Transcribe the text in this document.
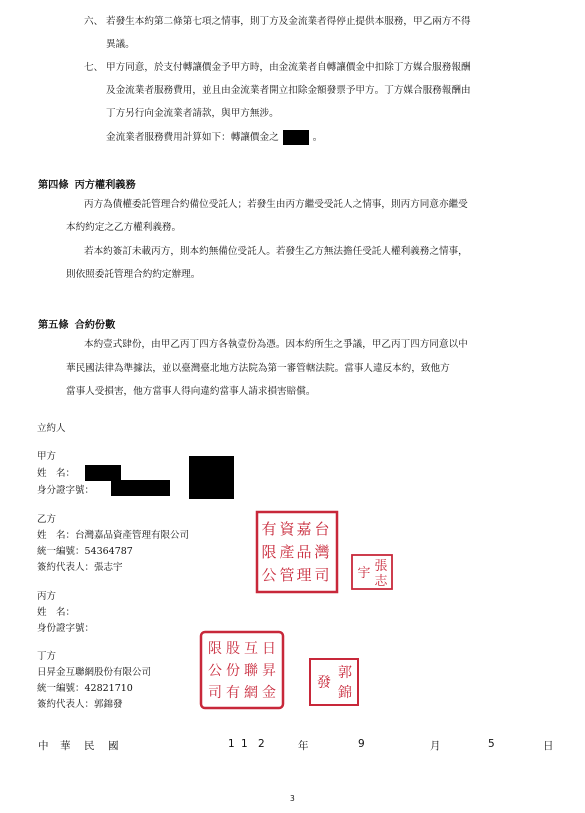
六、 若發生本約第二條第七項之情事，則丁方及金流業者得停止提供本服務，甲乙兩方不得
異議。
七、 甲方同意，於支付轉讓價金予甲方時，由金流業者自轉讓價金中扣除丁方媒合服務報酬
及金流業者服務費用，並且由金流業者開立扣除金額發票予甲方。丁方媒合服務報酬由
丁方另行向金流業者請款，與甲方無涉。
金流業者服務費用計算如下：轉讓價金之	。
第四條 丙方權利義務
丙方為債權委託管理合約備位受託人；若發生由丙方繼受受託人之情事，則丙方同意亦繼受
本約約定之乙方權利義務。
若本約簽訂未載丙方，則本約無備位受託人。若發生乙方無法擔任受託人權利義務之情事，
則依照委託管理合約約定辦理。
第五條 合約份數
本約壹式肆份，由甲乙丙丁四方各執壹份為憑。因本約所生之爭議，甲乙丙丁四方同意以中
華民國法律為準據法，並以臺灣臺北地方法院為第一審管轄法院。當事人違反本約，致他方
當事人受損害，他方當事人得向違約當事人請求損害賠償。
立約人
甲方
姓　名：
身分證字號：
乙方
姓　名：台灣嘉品資產管理有限公司
統一編號：54364787
簽約代表人：張志宇
丙方
姓　名：
身份證字號：
丁方
日昇金互聯網股份有限公司
統一編號：42821710
簽約代表人：郭錦發
台
灣
嘉
品
資
產
管 理
有
限
公	司	張
志
宇
日
昇
金
互
聯
網
股
份
有
限
公
司
郭
錦
發
中 華 民 國	1 1 2	年	9	月	5	日
3
